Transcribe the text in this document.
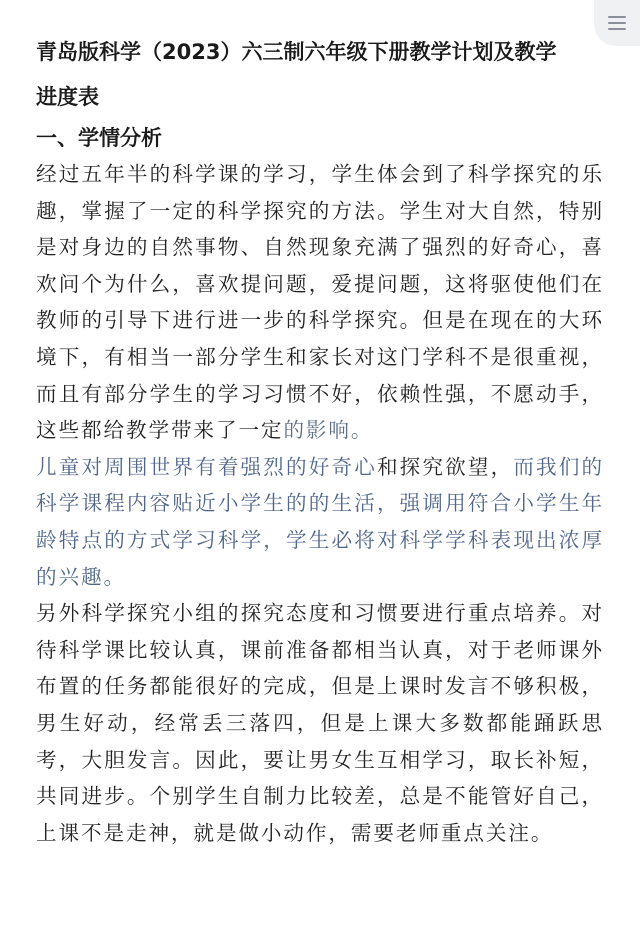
青岛版科学（2023）六三制六年级下册教学计划及教学
进度表
一、学情分析

经过五年半的科学课的学习，学生体会到了科学探究的乐趣，掌握了一定的科学探究的方法。学生对大自然，特别是对身边的自然事物、自然现象充满了强烈的好奇心，喜欢问个为什么，喜欢提问题，爱提问题，这将驱使他们在教师的引导下进行进一步的科学探究。但是在现在的大环境下，有相当一部分学生和家长对这门学科不是很重视，而且有部分学生的学习习惯不好，依赖性强，不愿动手，这些都给教学带来了一定的影响。

儿童对周围世界有着强烈的好奇心和探究欲望，而我们的科学课程内容贴近小学生的的生活，强调用符合小学生年龄特点的方式学习科学，学生必将对科学学科表现出浓厚的兴趣。

另外科学探究小组的探究态度和习惯要进行重点培养。对待科学课比较认真，课前准备都相当认真，对于老师课外布置的任务都能很好的完成，但是上课时发言不够积极，男生好动，经常丢三落四，但是上课大多数都能踊跃思考，大胆发言。因此，要让男女生互相学习，取长补短，共同进步。个别学生自制力比较差，总是不能管好自己，上课不是走神，就是做小动作，需要老师重点关注。
